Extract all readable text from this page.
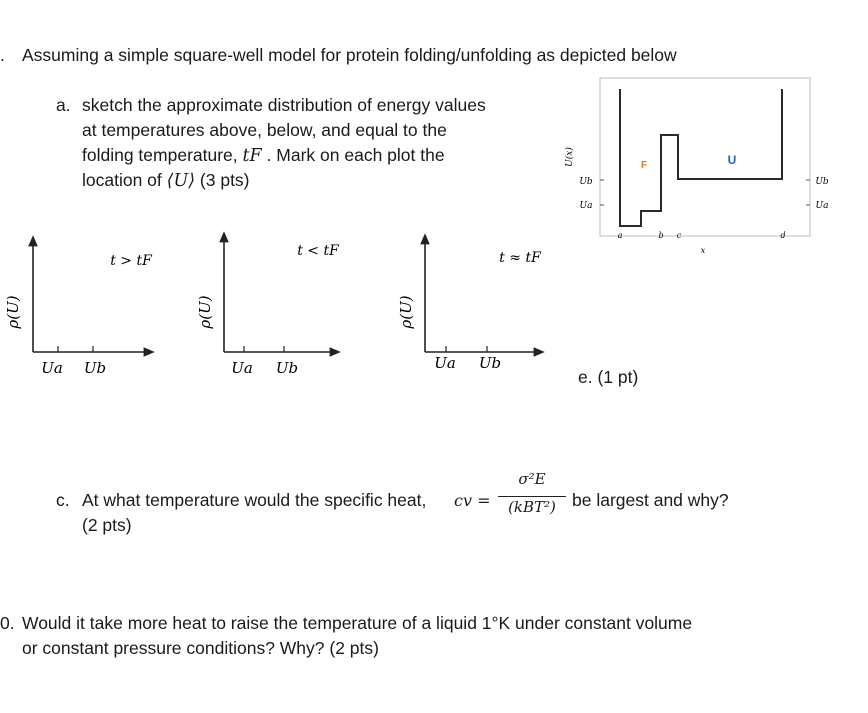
. Assuming a simple square-well model for protein folding/unfolding as depicted below
a. sketch the approximate distribution of energy values
at temperatures above, below, and equal to the
folding temperature, tF . Mark on each plot the
location of ⟨U⟩ (3 pts)
ρ(U)
t > tF
Ua Ub
ρ(U)
t < tF
Ua Ub
ρ(U)
t ≈ tF
Ua Ub
U(x)	F	U
Ub
Ua
Ub
Ua
a	b c
x
d
e. (1 pt)
c. At what temperature would the specific heat, cv =
σ²E
(kBT²) be largest and why?
(2 pts)
0. Would it take more heat to raise the temperature of a liquid 1°K under constant volume
or constant pressure conditions? Why? (2 pts)
